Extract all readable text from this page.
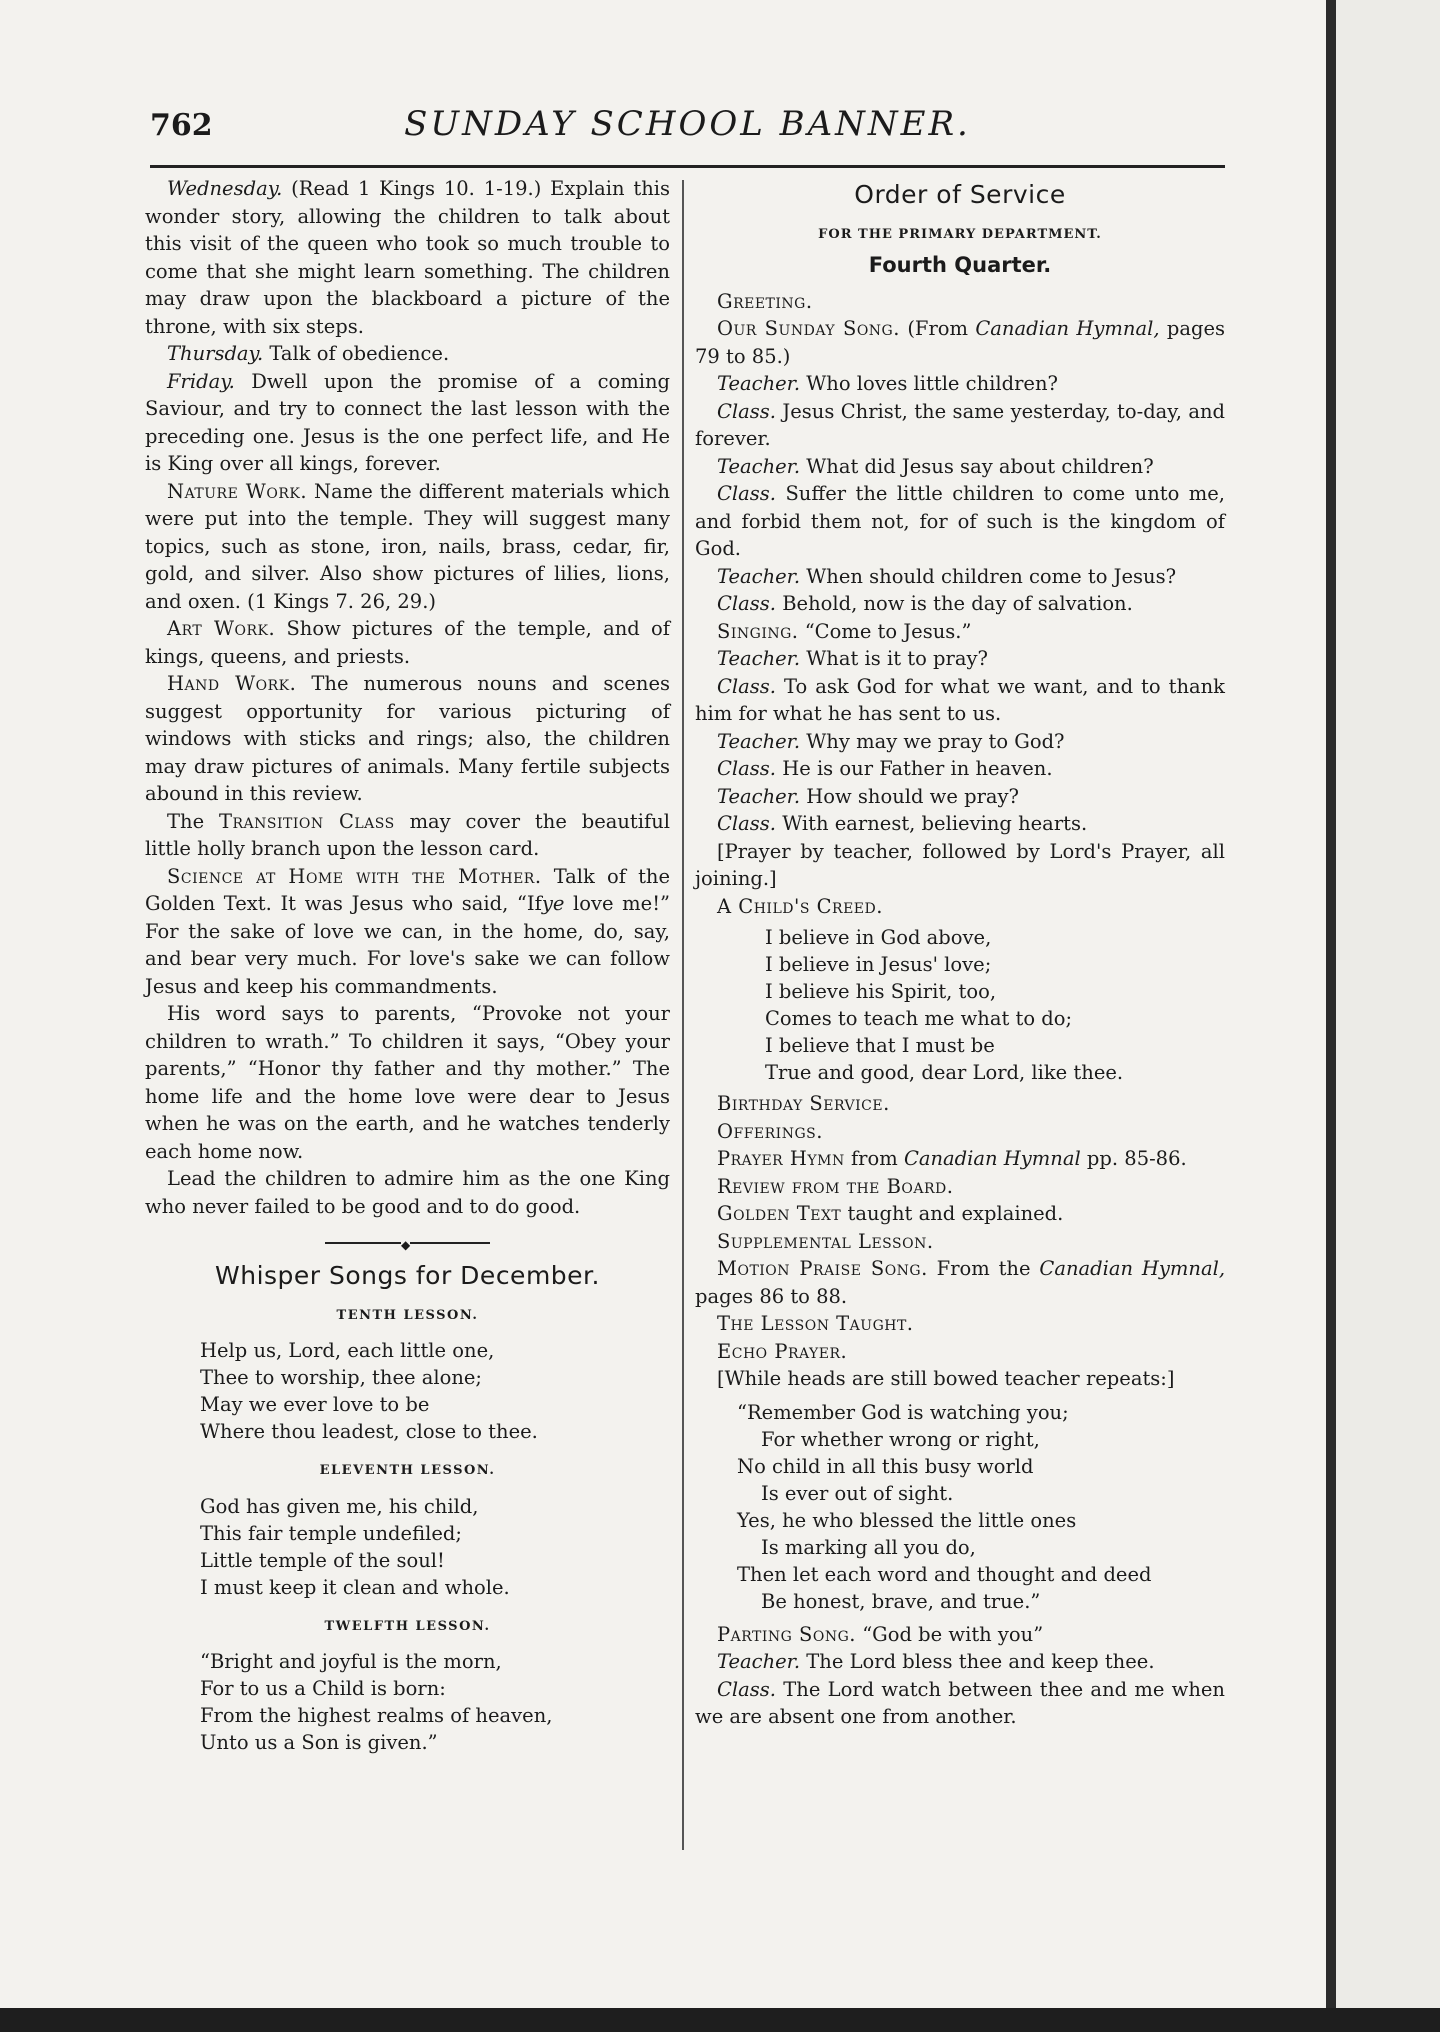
762	SUNDAY SCHOOL BANNER.

Wednesday. (Read 1 Kings 10. 1-19.) Explain this wonder story, allowing the children to talk about this visit of the queen who took so much trouble to come that she might learn something. The children may draw upon the blackboard a picture of the throne, with six steps.

Thursday. Talk of obedience.

Friday. Dwell upon the promise of a coming Saviour, and try to connect the last lesson with the preceding one. Jesus is the one perfect life, and He is King over all kings, forever.

Nature Work. Name the different materials which were put into the temple. They will suggest many topics, such as stone, iron, nails, brass, cedar, fir, gold, and silver. Also show pictures of lilies, lions, and oxen. (1 Kings 7. 26, 29.)

Art Work. Show pictures of the temple, and of kings, queens, and priests.

Hand Work. The numerous nouns and scenes suggest opportunity for various picturing of windows with sticks and rings; also, the children may draw pictures of animals. Many fertile subjects abound in this review.

The Transition Class may cover the beautiful little holly branch upon the lesson card.

Science at Home with the Mother. Talk of the Golden Text. It was Jesus who said, “Ifye love me!” For the sake of love we can, in the home, do, say, and bear very much. For love's sake we can follow Jesus and keep his commandments.

His word says to parents, “Provoke not your children to wrath.” To children it says, “Obey your parents,” “Honor thy father and thy mother.” The home life and the home love were dear to Jesus when he was on the earth, and he watches tenderly each home now.

Lead the children to admire him as the one King who never failed to be good and to do good.

◆
Whisper Songs for December.
TENTH LESSON.
Help us, Lord, each little one,
Thee to worship, thee alone;
May we ever love to be
Where thou leadest, close to thee.
ELEVENTH LESSON.
God has given me, his child,
This fair temple undefiled;
Little temple of the soul!
I must keep it clean and whole.
TWELFTH LESSON.
“Bright and joyful is the morn,
For to us a Child is born:
From the highest realms of heaven,
Unto us a Son is given.”
Order of Service
FOR THE PRIMARY DEPARTMENT.
Fourth Quarter.

Greeting.

Our Sunday Song. (From Canadian Hymnal, pages 79 to 85.)

Teacher. Who loves little children?

Class. Jesus Christ, the same yesterday, to-day, and forever.

Teacher. What did Jesus say about children?

Class. Suffer the little children to come unto me, and forbid them not, for of such is the kingdom of God.

Teacher. When should children come to Jesus?

Class. Behold, now is the day of salvation.

Singing. “Come to Jesus.”

Teacher. What is it to pray?

Class. To ask God for what we want, and to thank him for what he has sent to us.

Teacher. Why may we pray to God?

Class. He is our Father in heaven.

Teacher. How should we pray?

Class. With earnest, believing hearts.

[Prayer by teacher, followed by Lord's Prayer, all joining.]

A Child's Creed.

I believe in God above,
I believe in Jesus' love;
I believe his Spirit, too,
Comes to teach me what to do;
I believe that I must be
True and good, dear Lord, like thee.

Birthday Service.

Offerings.

Prayer Hymn from Canadian Hymnal pp. 85-86.

Review from the Board.

Golden Text taught and explained.

Supplemental Lesson.

Motion Praise Song. From the Canadian Hymnal, pages 86 to 88.

The Lesson Taught.

Echo Prayer.

[While heads are still bowed teacher repeats:]

“Remember God is watching you;
For whether wrong or right,
No child in all this busy world
Is ever out of sight.
Yes, he who blessed the little ones
Is marking all you do,
Then let each word and thought and deed
Be honest, brave, and true.”

Parting Song. “God be with you”

Teacher. The Lord bless thee and keep thee.

Class. The Lord watch between thee and me when we are absent one from another.
